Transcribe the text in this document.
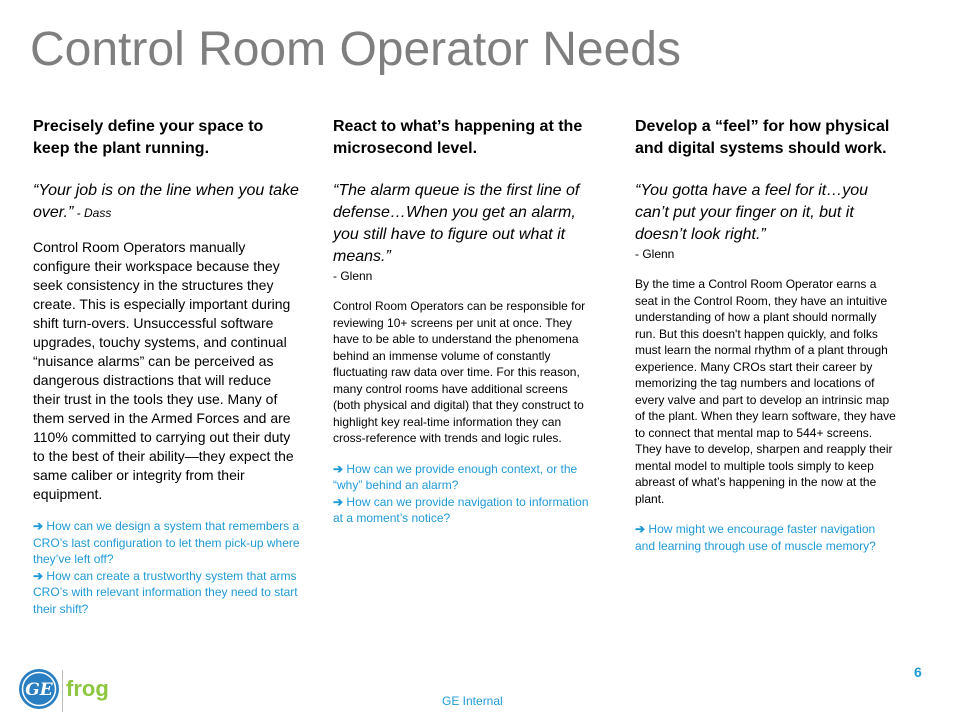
Control Room Operator Needs

Precisely define your space to keep the plant running.

“Your job is on the line when you take over.” - Dass

Control Room Operators manually configure their workspace because they seek consistency in the structures they create. This is especially important during shift turn-overs. Unsuccessful software upgrades, touchy systems, and continual “nuisance alarms” can be perceived as dangerous distractions that will reduce their trust in the tools they use. Many of them served in the Armed Forces and are 110% committed to carrying out their duty to the best of their ability—they expect the same caliber or integrity from their equipment.

➔ How can we design a system that remembers a CRO’s last configuration to let them pick-up where they’ve left off?

➔ How can create a trustworthy system that arms CRO’s with relevant information they need to start their shift?

React to what’s happening at the microsecond level.

“The alarm queue is the first line of defense…When you get an alarm, you still have to figure out what it means.”

- Glenn

Control Room Operators can be responsible for reviewing 10+ screens per unit at once. They have to be able to understand the phenomena behind an immense volume of constantly fluctuating raw data over time. For this reason, many control rooms have additional screens (both physical and digital) that they construct to highlight key real-time information they can cross-reference with trends and logic rules.

➔ How can we provide enough context, or the “why” behind an alarm?

➔ How can we provide navigation to information at a moment’s notice?

Develop a “feel” for how physical and digital systems should work.

“You gotta have a feel for it…you can’t put your finger on it, but it doesn’t look right.”

- Glenn

By the time a Control Room Operator earns a seat in the Control Room, they have an intuitive understanding of how a plant should normally run. But this doesn't happen quickly, and folks must learn the normal rhythm of a plant through experience. Many CROs start their career by memorizing the tag numbers and locations of every valve and part to develop an intrinsic map of the plant. When they learn software, they have to connect that mental map to 544+ screens. They have to develop, sharpen and reapply their mental model to multiple tools simply to keep abreast of what’s happening in the now at the plant.

➔ How might we encourage faster navigation and learning through use of muscle memory?

GE frog	GE Internal
6
